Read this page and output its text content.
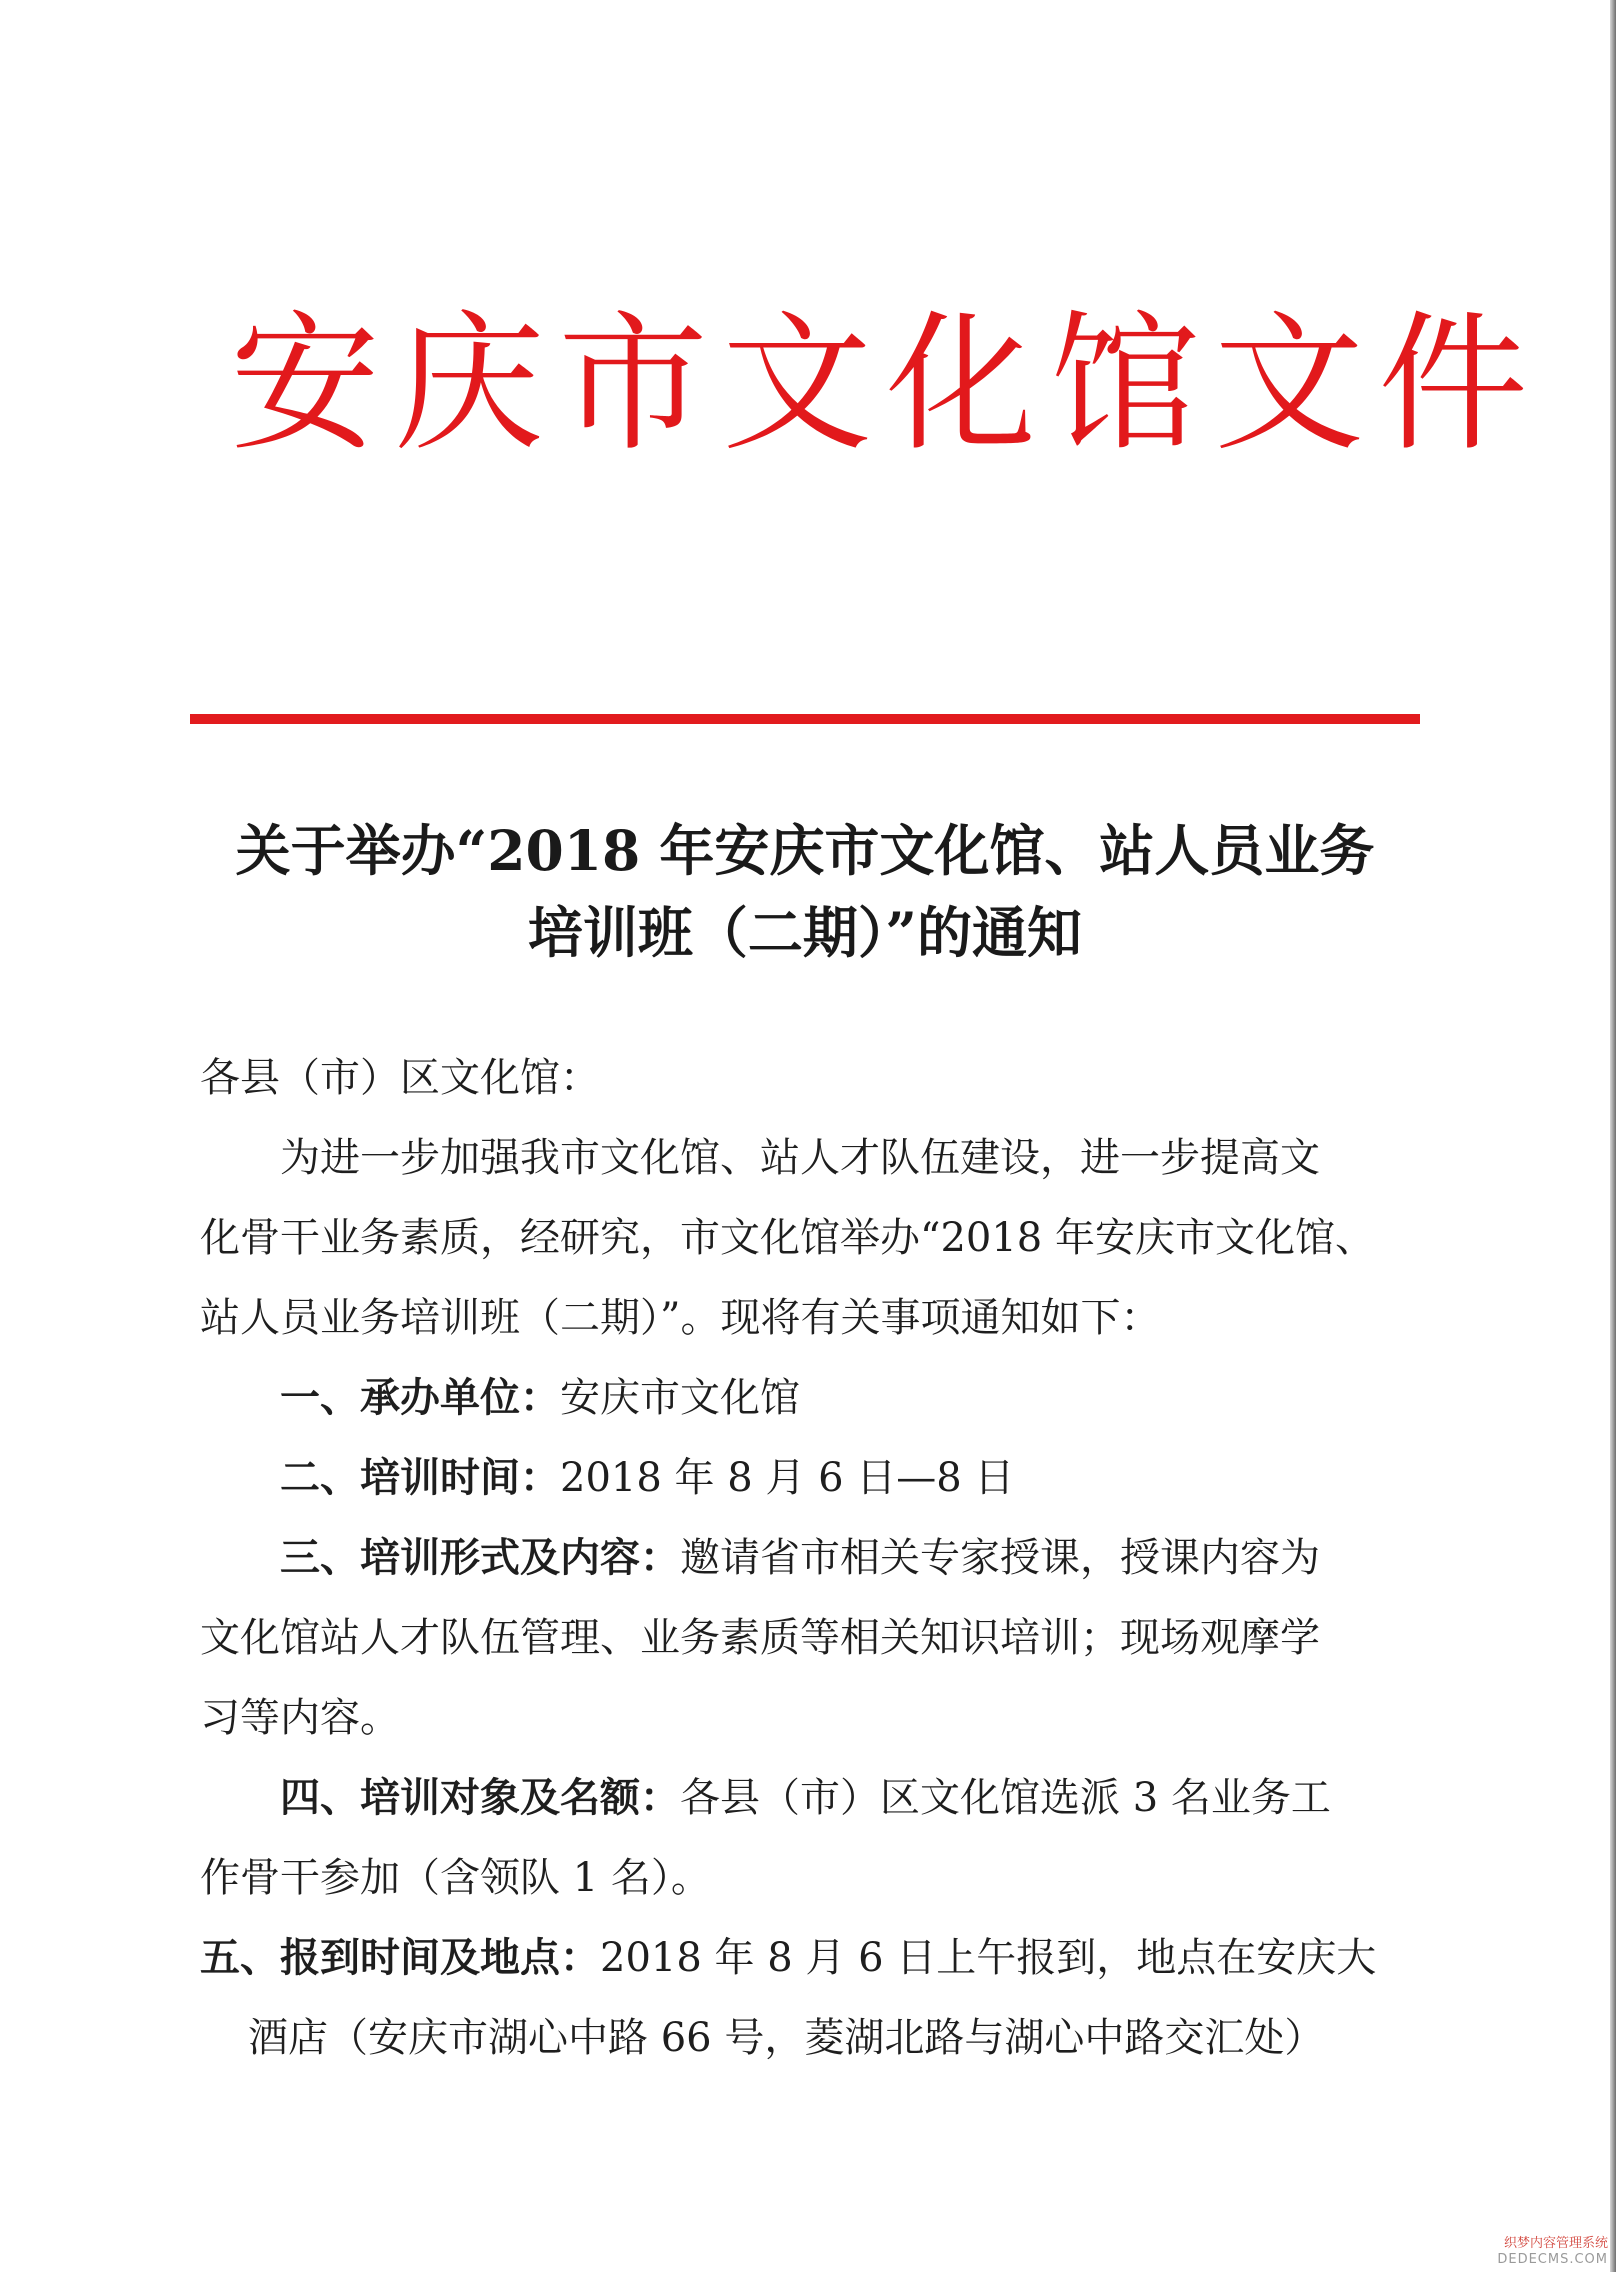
安庆市文化馆文件
关于举办“2018 年安庆市文化馆、站人员业务
培训班（二期）”的通知
各县（市）区文化馆：
为进一步加强我市文化馆、站人才队伍建设，进一步提高文
化骨干业务素质，经研究，市文化馆举办“2018 年安庆市文化馆、
站人员业务培训班（二期）”。现将有关事项通知如下：
一、承办单位：安庆市文化馆
二、培训时间：2018 年 8 月 6 日—8 日
三、培训形式及内容：邀请省市相关专家授课，授课内容为
文化馆站人才队伍管理、业务素质等相关知识培训；现场观摩学
习等内容。
四、培训对象及名额：各县（市）区文化馆选派 3 名业务工
作骨干参加（含领队 1 名）。
五、报到时间及地点：2018 年 8 月 6 日上午报到，地点在安庆大
酒店（安庆市湖心中路 66 号，菱湖北路与湖心中路交汇处）
织梦内容管理系统
DEDECMS.COM
